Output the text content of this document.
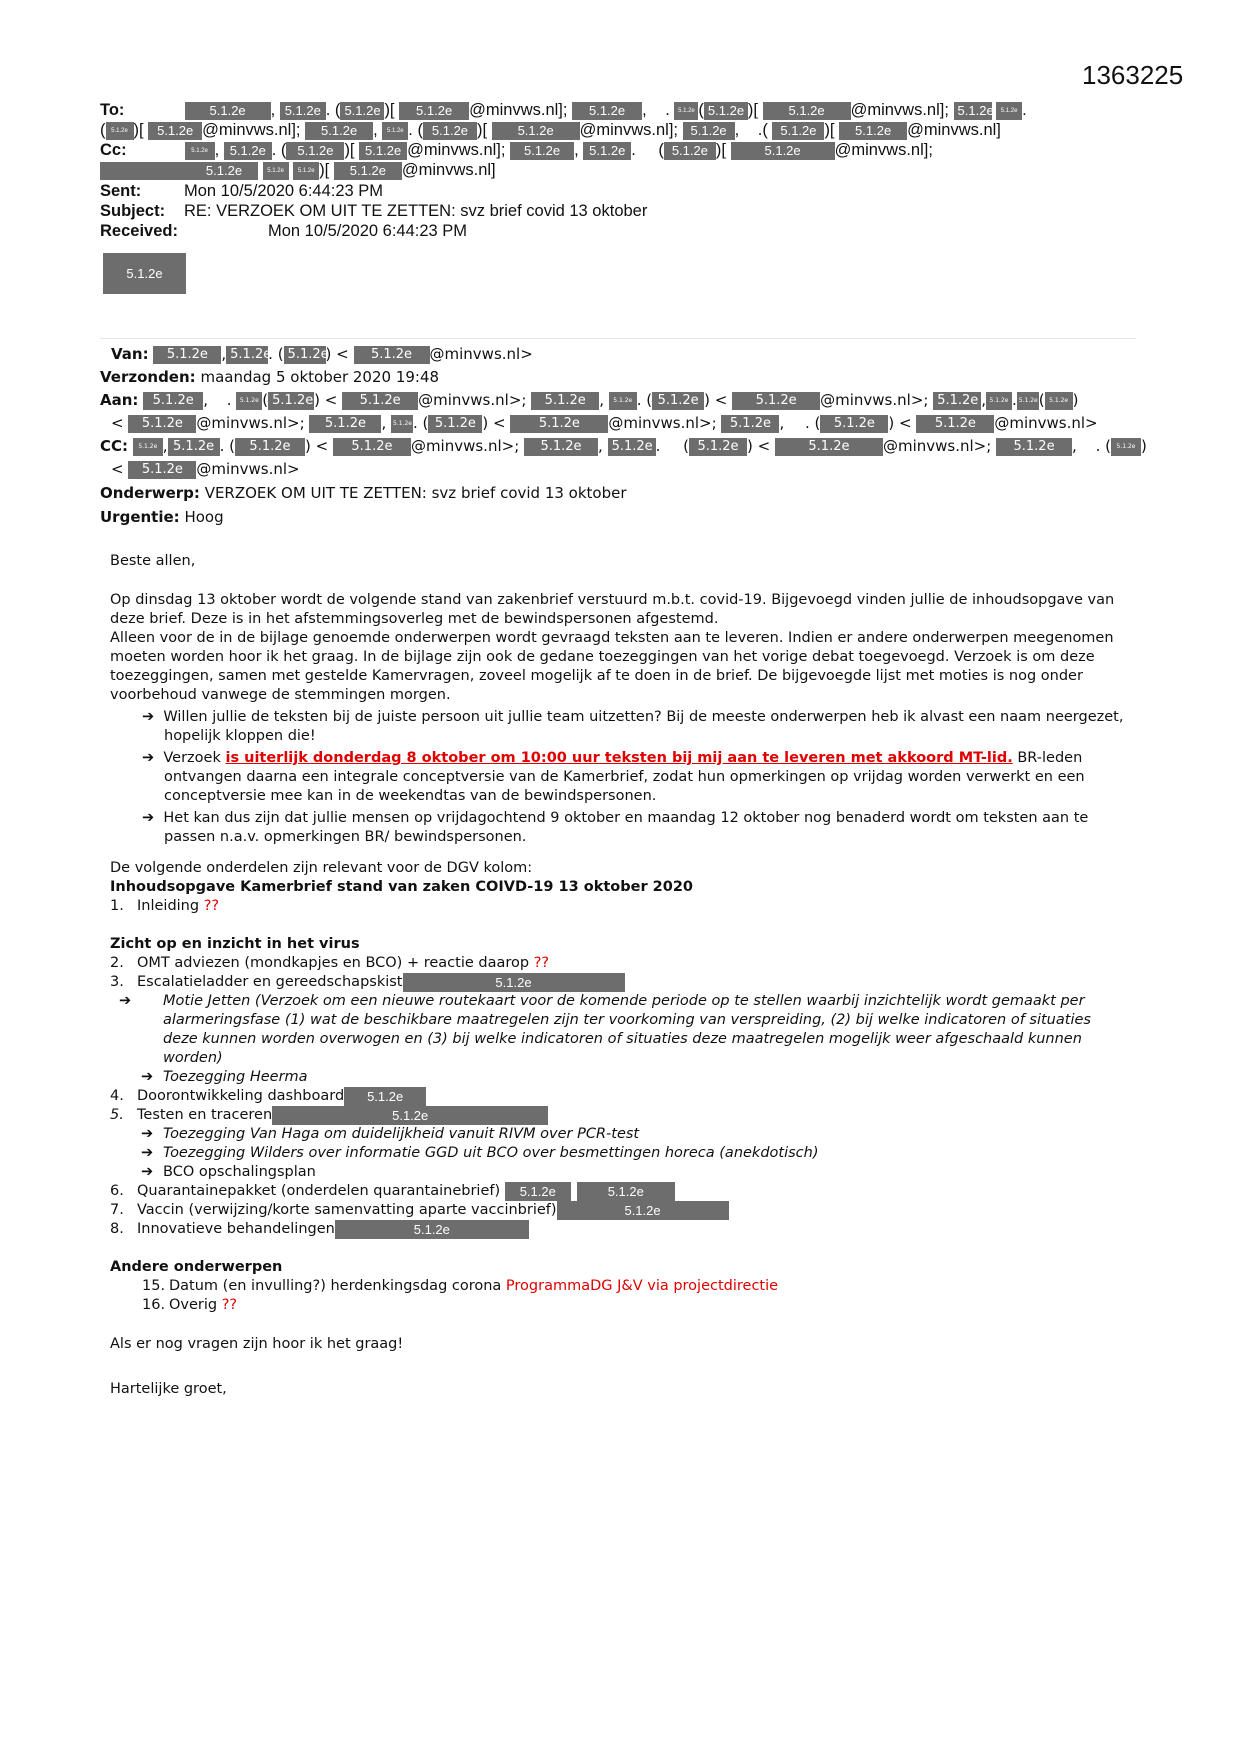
1363225
To:	5.1.2e , 5.1.2e . ( 5.1.2e )[ 5.1.2e @minvws.nl]; 5.1.2e , . 5.1.2e ( 5.1.2e )[ 5.1.2e @minvws.nl]; 5.1.2e 5.1.2e .
( 5.1.2e )[ 5.1.2e @minvws.nl]; 5.1.2e , 5.1.2e . ( 5.1.2e )[ 5.1.2e @minvws.nl]; 5.1.2e , .( 5.1.2e )[ 5.1.2e @minvws.nl]
Cc:	5.1.2e , 5.1.2e . ( 5.1.2e )[ 5.1.2e @minvws.nl]; 5.1.2e , 5.1.2e . ( 5.1.2e )[	5.1.2e @minvws.nl];
5.1.2e	5.1.2e 5.1.2e )[ 5.1.2e @minvws.nl]
Sent:	Mon 10/5/2020 6:44:23 PM
Subject: RE: VERZOEK OM UIT TE ZETTEN: svz brief covid 13 oktober
Received:	Mon 10/5/2020 6:44:23 PM
5.1.2e
Van: 5.1.2e , 5.1.2e. ( 5.1.2e) < 5.1.2e @minvws.nl>
Verzonden: maandag 5 oktober 2020 19:48
Aan: 5.1.2e , . 5.1.2e ( 5.1.2e) < 5.1.2e @minvws.nl>; 5.1.2e , 5.1.2e . ( 5.1.2e ) < 5.1.2e @minvws.nl>; 5.1.2e , 5.1.2e . 5.1.2e( 5.1.2e )
< 5.1.2e @minvws.nl>; 5.1.2e , 5.1.2e. ( 5.1.2e ) < 5.1.2e @minvws.nl>; 5.1.2e , . ( 5.1.2e ) < 5.1.2e @minvws.nl>
CC: 5.1.2e , 5.1.2e . ( 5.1.2e ) < 5.1.2e @minvws.nl>; 5.1.2e , 5.1.2e . ( 5.1.2e ) <	5.1.2e @minvws.nl>; 5.1.2e , . ( 5.1.2e )
< 5.1.2e @minvws.nl>
Onderwerp: VERZOEK OM UIT TE ZETTEN: svz brief covid 13 oktober
Urgentie: Hoog

Beste allen,

Op dinsdag 13 oktober wordt de volgende stand van zakenbrief verstuurd m.b.t. covid-19. Bijgevoegd vinden jullie de inhoudsopgave van deze brief. Deze is in het afstemmingsoverleg met de bewindspersonen afgestemd.

Alleen voor de in de bijlage genoemde onderwerpen wordt gevraagd teksten aan te leveren. Indien er andere onderwerpen meegenomen moeten worden hoor ik het graag. In de bijlage zijn ook de gedane toezeggingen van het vorige debat toegevoegd. Verzoek is om deze toezeggingen, samen met gestelde Kamervragen, zoveel mogelijk af te doen in de brief. De bijgevoegde lijst met moties is nog onder voorbehoud vanwege de stemmingen morgen.

➔ Willen jullie de teksten bij de juiste persoon uit jullie team uitzetten? Bij de meeste onderwerpen heb ik alvast een naam neergezet, hopelijk kloppen die!
➔ Verzoek is uiterlijk donderdag 8 oktober om 10:00 uur teksten bij mij aan te leveren met akkoord MT-lid. BR-leden ontvangen daarna een integrale conceptversie van de Kamerbrief, zodat hun opmerkingen op vrijdag worden verwerkt en een conceptversie mee kan in de weekendtas van de bewindspersonen.
➔ Het kan dus zijn dat jullie mensen op vrijdagochtend 9 oktober en maandag 12 oktober nog benaderd wordt om teksten aan te passen n.a.v. opmerkingen BR/ bewindspersonen.

De volgende onderdelen zijn relevant voor de DGV kolom:

Inhoudsopgave Kamerbrief stand van zaken COIVD-19 13 oktober 2020

1. Inleiding ??

Zicht op en inzicht in het virus

2. OMT adviezen (mondkapjes en BCO) + reactie daarop ??
3. Escalatieladder en gereedschapskist	5.1.2e
➔ Motie Jetten (Verzoek om een nieuwe routekaart voor de komende periode op te stellen waarbij inzichtelijk wordt gemaakt per alarmeringsfase (1) wat de beschikbare maatregelen zijn ter voorkoming van verspreiding, (2) bij welke indicatoren of situaties deze kunnen worden overwogen en (3) bij welke indicatoren of situaties deze maatregelen mogelijk weer afgeschaald kunnen worden)
➔ Toezegging Heerma
4. Doorontwikkeling dashboard 5.1.2e
5. Testen en traceren	5.1.2e
➔ Toezegging Van Haga om duidelijkheid vanuit RIVM over PCR-test
➔ Toezegging Wilders over informatie GGD uit BCO over besmettingen horeca (anekdotisch)
➔ BCO opschalingsplan
6. Quarantainepakket (onderdelen quarantainebrief) 5.1.2e	5.1.2e
7. Vaccin (verwijzing/korte samenvatting aparte vaccinbrief)	5.1.2e
8. Innovatieve behandelingen	5.1.2e

Andere onderwerpen

15. Datum (en invulling?) herdenkingsdag corona ProgrammaDG J&V via projectdirectie
16. Overig ??

Als er nog vragen zijn hoor ik het graag!

Hartelijke groet,
